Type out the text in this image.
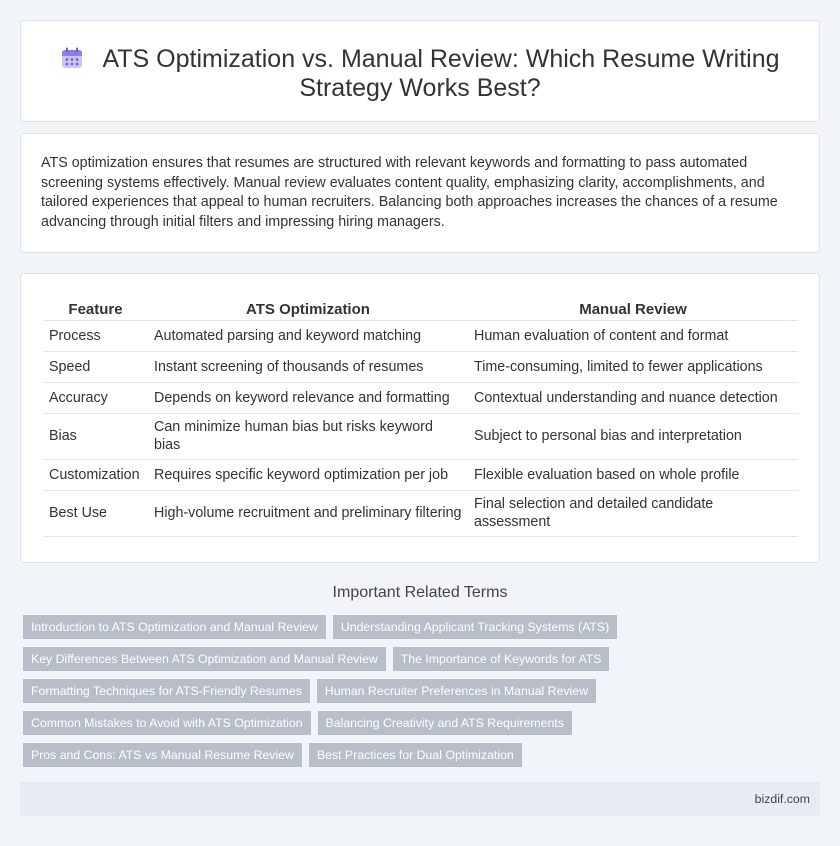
ATS Optimization vs. Manual Review: Which Resume Writing
Strategy Works Best?

ATS optimization ensures that resumes are structured with relevant keywords and formatting to pass automated screening systems effectively. Manual review evaluates content quality, emphasizing clarity, accomplishments, and tailored experiences that appeal to human recruiters. Balancing both approaches increases the chances of a resume advancing through initial filters and impressing hiring managers.

Feature	ATS Optimization	Manual Review
Process	Automated parsing and keyword matching	Human evaluation of content and format
Speed	Instant screening of thousands of resumes	Time-consuming, limited to fewer applications
Accuracy	Depends on keyword relevance and formatting	Contextual understanding and nuance detection
Bias	Can minimize human bias but risks keyword bias	Subject to personal bias and interpretation
Customization	Requires specific keyword optimization per job	Flexible evaluation based on whole profile
Best Use	High-volume recruitment and preliminary filtering	Final selection and detailed candidate assessment
Important Related Terms
Introduction to ATS Optimization and Manual Review	Understanding Applicant Tracking Systems (ATS)
Key Differences Between ATS Optimization and Manual Review	The Importance of Keywords for ATS
Formatting Techniques for ATS-Friendly Resumes	Human Recruiter Preferences in Manual Review
Common Mistakes to Avoid with ATS Optimization	Balancing Creativity and ATS Requirements
Pros and Cons: ATS vs Manual Resume Review	Best Practices for Dual Optimization
bizdif.com
